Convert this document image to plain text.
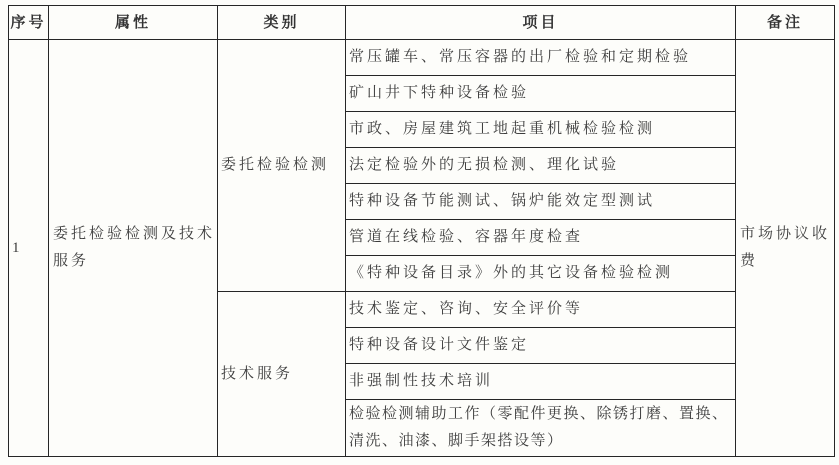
序号	属性	类别	项目	备注
1	委托检验检测及技术服务	委托检验检测	常压罐车、常压容器的出厂检验和定期检验	市场协议收费
			矿山井下特种设备检验	
			市政、房屋建筑工地起重机械检验检测	
			法定检验外的无损检测、理化试验	
			特种设备节能测试、锅炉能效定型测试	
			管道在线检验、容器年度检查	
			《特种设备目录》外的其它设备检验检测	
		技术服务	技术鉴定、咨询、安全评价等	
			特种设备设计文件鉴定	
			非强制性技术培训	
			检验检测辅助工作（零配件更换、除锈打磨、置换、清洗、油漆、脚手架搭设等）	
